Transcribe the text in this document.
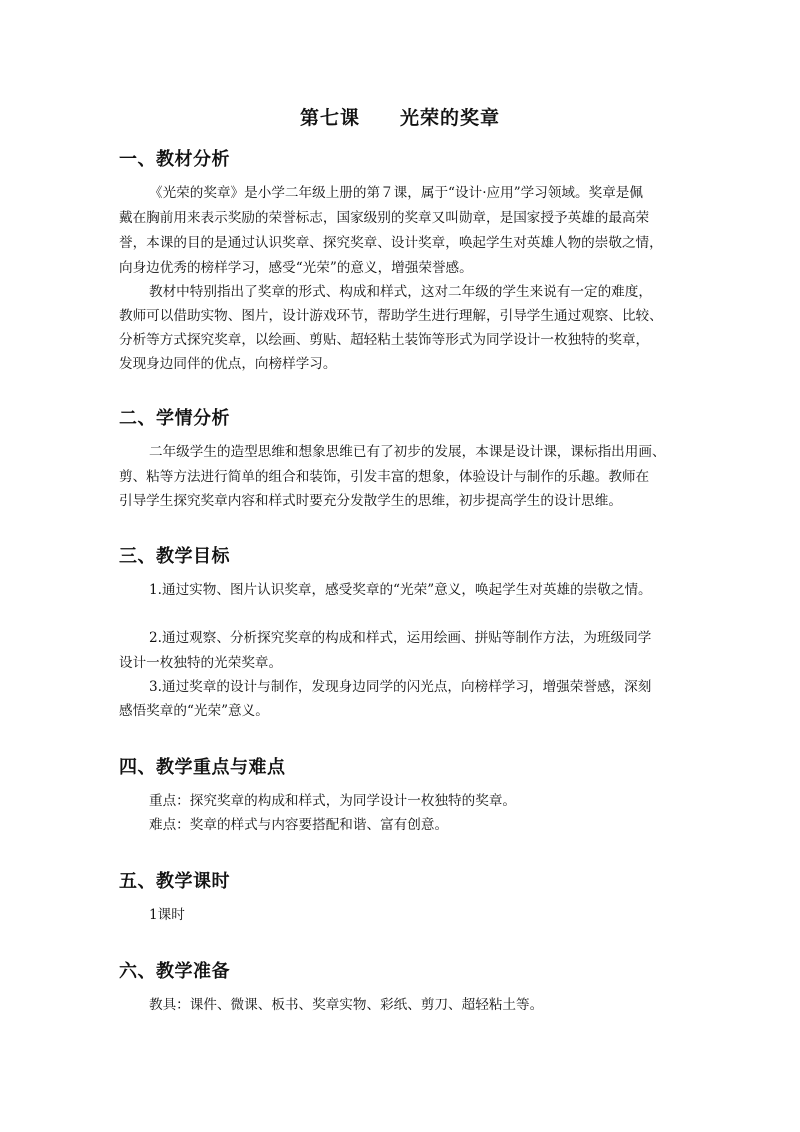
第七课　　光荣的奖章
一、教材分析
《光荣的奖章》是小学二年级上册的第７课，属于“设计·应用”学习领域。奖章是佩
戴在胸前用来表示奖励的荣誉标志，国家级别的奖章又叫勋章，是国家授予英雄的最高荣
誉，本课的目的是通过认识奖章、探究奖章、设计奖章，唤起学生对英雄人物的崇敬之情，
向身边优秀的榜样学习，感受“光荣”的意义，增强荣誉感。
教材中特别指出了奖章的形式、构成和样式，这对二年级的学生来说有一定的难度，
教师可以借助实物、图片，设计游戏环节，帮助学生进行理解，引导学生通过观察、比较、
分析等方式探究奖章，以绘画、剪贴、超轻粘土装饰等形式为同学设计一枚独特的奖章，
发现身边同伴的优点，向榜样学习。
二、学情分析
二年级学生的造型思维和想象思维已有了初步的发展，本课是设计课，课标指出用画、
剪、粘等方法进行简单的组合和装饰，引发丰富的想象，体验设计与制作的乐趣。教师在
引导学生探究奖章内容和样式时要充分发散学生的思维，初步提高学生的设计思维。
三、教学目标
1.通过实物、图片认识奖章，感受奖章的“光荣”意义，唤起学生对英雄的崇敬之情。
2.通过观察、分析探究奖章的构成和样式，运用绘画、拼贴等制作方法，为班级同学
设计一枚独特的光荣奖章。
3.通过奖章的设计与制作，发现身边同学的闪光点，向榜样学习，增强荣誉感，深刻
感悟奖章的“光荣”意义。
四、教学重点与难点
重点：探究奖章的构成和样式，为同学设计一枚独特的奖章。
难点：奖章的样式与内容要搭配和谐、富有创意。
五、教学课时
1课时
六、教学准备
教具：课件、微课、板书、奖章实物、彩纸、剪刀、超轻粘土等。
